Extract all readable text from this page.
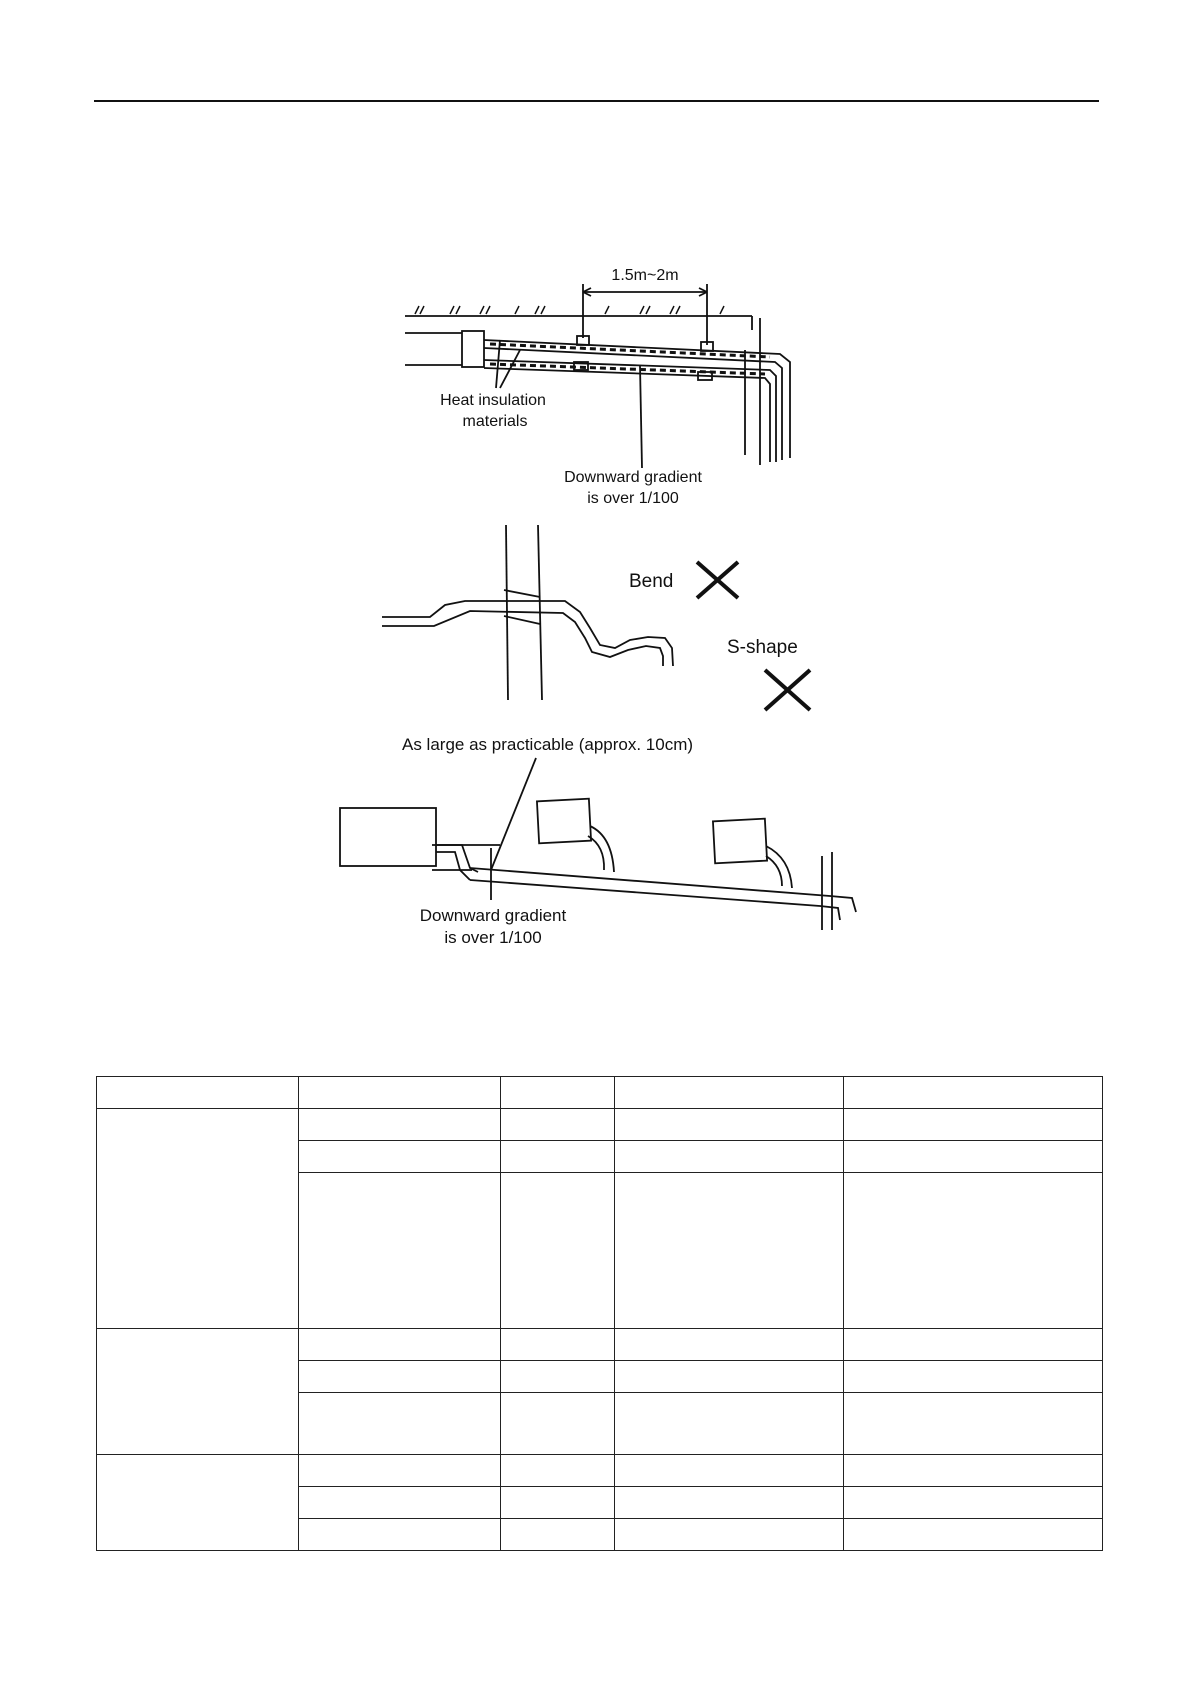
1.5m~2m
Heat insulation
materials
Downward gradient
is over 1/100
Bend
S-shape
As large as practicable (approx. 10cm)
Downward gradient
is over 1/100
